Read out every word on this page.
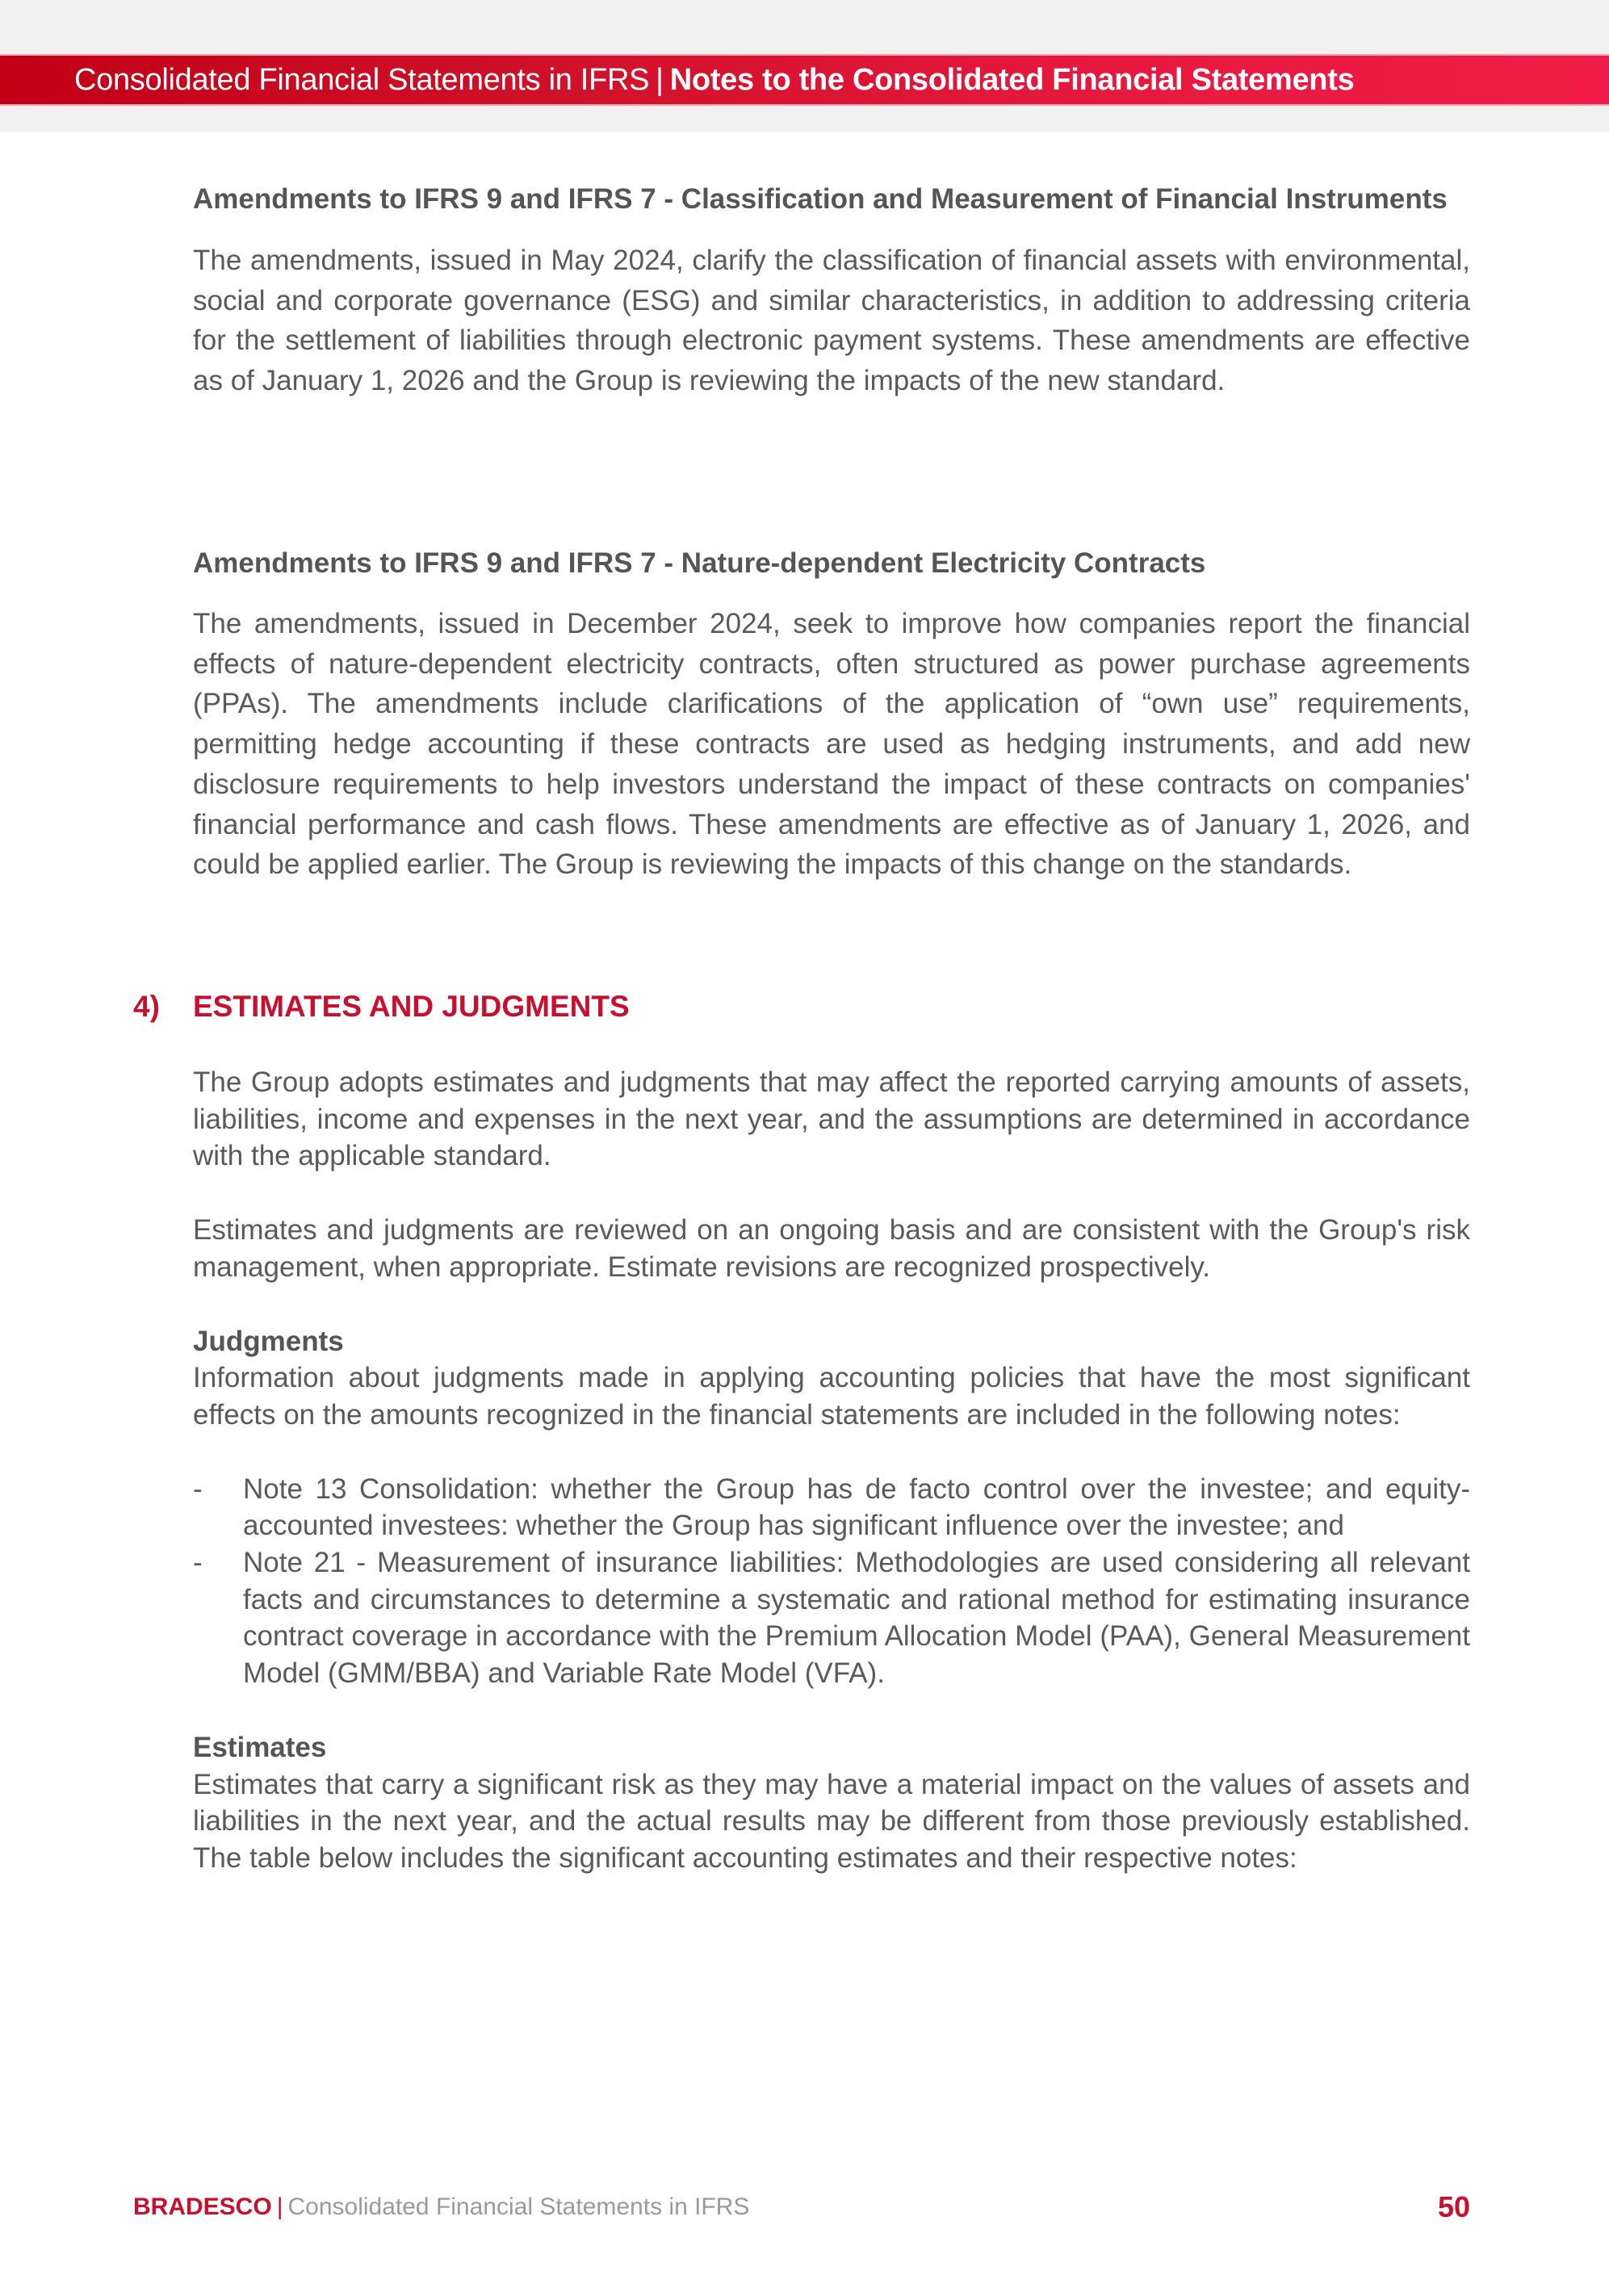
Consolidated Financial Statements in IFRS | Notes to the Consolidated Financial Statements
Amendments to IFRS 9 and IFRS 7 - Classification and Measurement of Financial Instruments

The amendments, issued in May 2024, clarify the classification of financial assets with environmental, social and corporate governance (ESG) and similar characteristics, in addition to addressing criteria for the settlement of liabilities through electronic payment systems. These amendments are effective as of January 1, 2026 and the Group is reviewing the impacts of the new standard.

Amendments to IFRS 9 and IFRS 7 - Nature-dependent Electricity Contracts

The amendments, issued in December 2024, seek to improve how companies report the financial effects of nature-dependent electricity contracts, often structured as power purchase agreements (PPAs). The amendments include clarifications of the application of “own use” requirements, permitting hedge accounting if these contracts are used as hedging instruments, and add new disclosure requirements to help investors understand the impact of these contracts on companies' financial performance and cash flows. These amendments are effective as of January 1, 2026, and could be applied earlier. The Group is reviewing the impacts of this change on the standards.

4) ESTIMATES AND JUDGMENTS

The Group adopts estimates and judgments that may affect the reported carrying amounts of assets, liabilities, income and expenses in the next year, and the assumptions are determined in accordance with the applicable standard.

Estimates and judgments are reviewed on an ongoing basis and are consistent with the Group's risk management, when appropriate. Estimate revisions are recognized prospectively.

Judgments

Information about judgments made in applying accounting policies that have the most significant effects on the amounts recognized in the financial statements are included in the following notes:

-	Note 13 Consolidation: whether the Group has de facto control over the investee; and equity-accounted investees: whether the Group has significant influence over the investee; and
-	Note 21 - Measurement of insurance liabilities: Methodologies are used considering all relevant facts and circumstances to determine a systematic and rational method for estimating insurance contract coverage in accordance with the Premium Allocation Model (PAA), General Measurement Model (GMM/BBA) and Variable Rate Model (VFA).
Estimates

Estimates that carry a significant risk as they may have a material impact on the values of assets and liabilities in the next year, and the actual results may be different from those previously established. The table below includes the significant accounting estimates and their respective notes:

BRADESCO | Consolidated Financial Statements in IFRS	50
